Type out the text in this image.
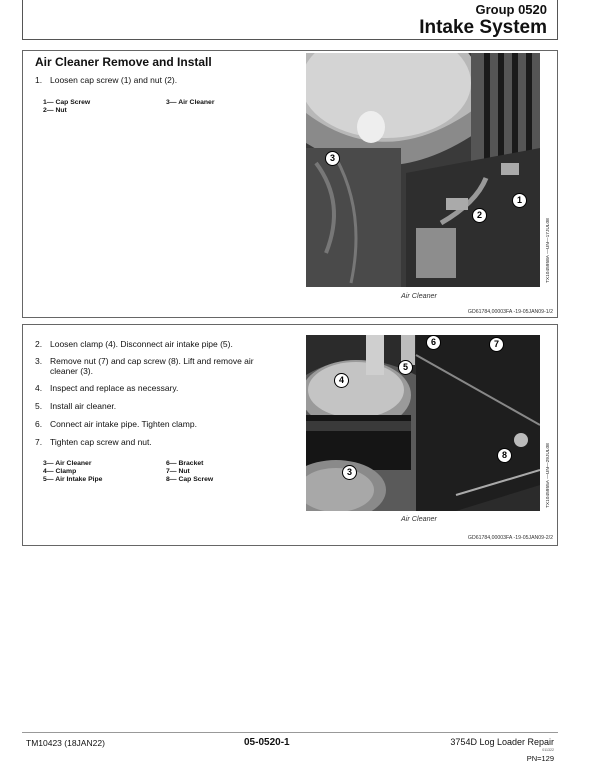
Group 0520
Intake System
Air Cleaner Remove and Install
1. Loosen cap screw (1) and nut (2).
1— Cap Screw
2— Nut
3— Air Cleaner
3
2
1
TX1045958A —UN—17JUL08
Air Cleaner
GD61784,00003FA -19-05JAN09-1/2
2. Loosen clamp (4). Disconnect air intake pipe (5).
3. Remove nut (7) and cap screw (8). Lift and remove air cleaner (3).
4. Inspect and replace as necessary.
5. Install air cleaner.
6. Connect air intake pipe. Tighten clamp.
7. Tighten cap screw and nut.
3— Air Cleaner
4— Clamp
5— Air Intake Pipe
6— Bracket
7— Nut
8— Cap Screw
6	7
4
5
8
3	TX1045955A —UN—29JUL08
Air Cleaner
GD61784,00003FA -19-05JAN09-2/2
TM10423 (18JAN22)	05-0520-1	3754D Log Loader Repair
011322
PN=129
